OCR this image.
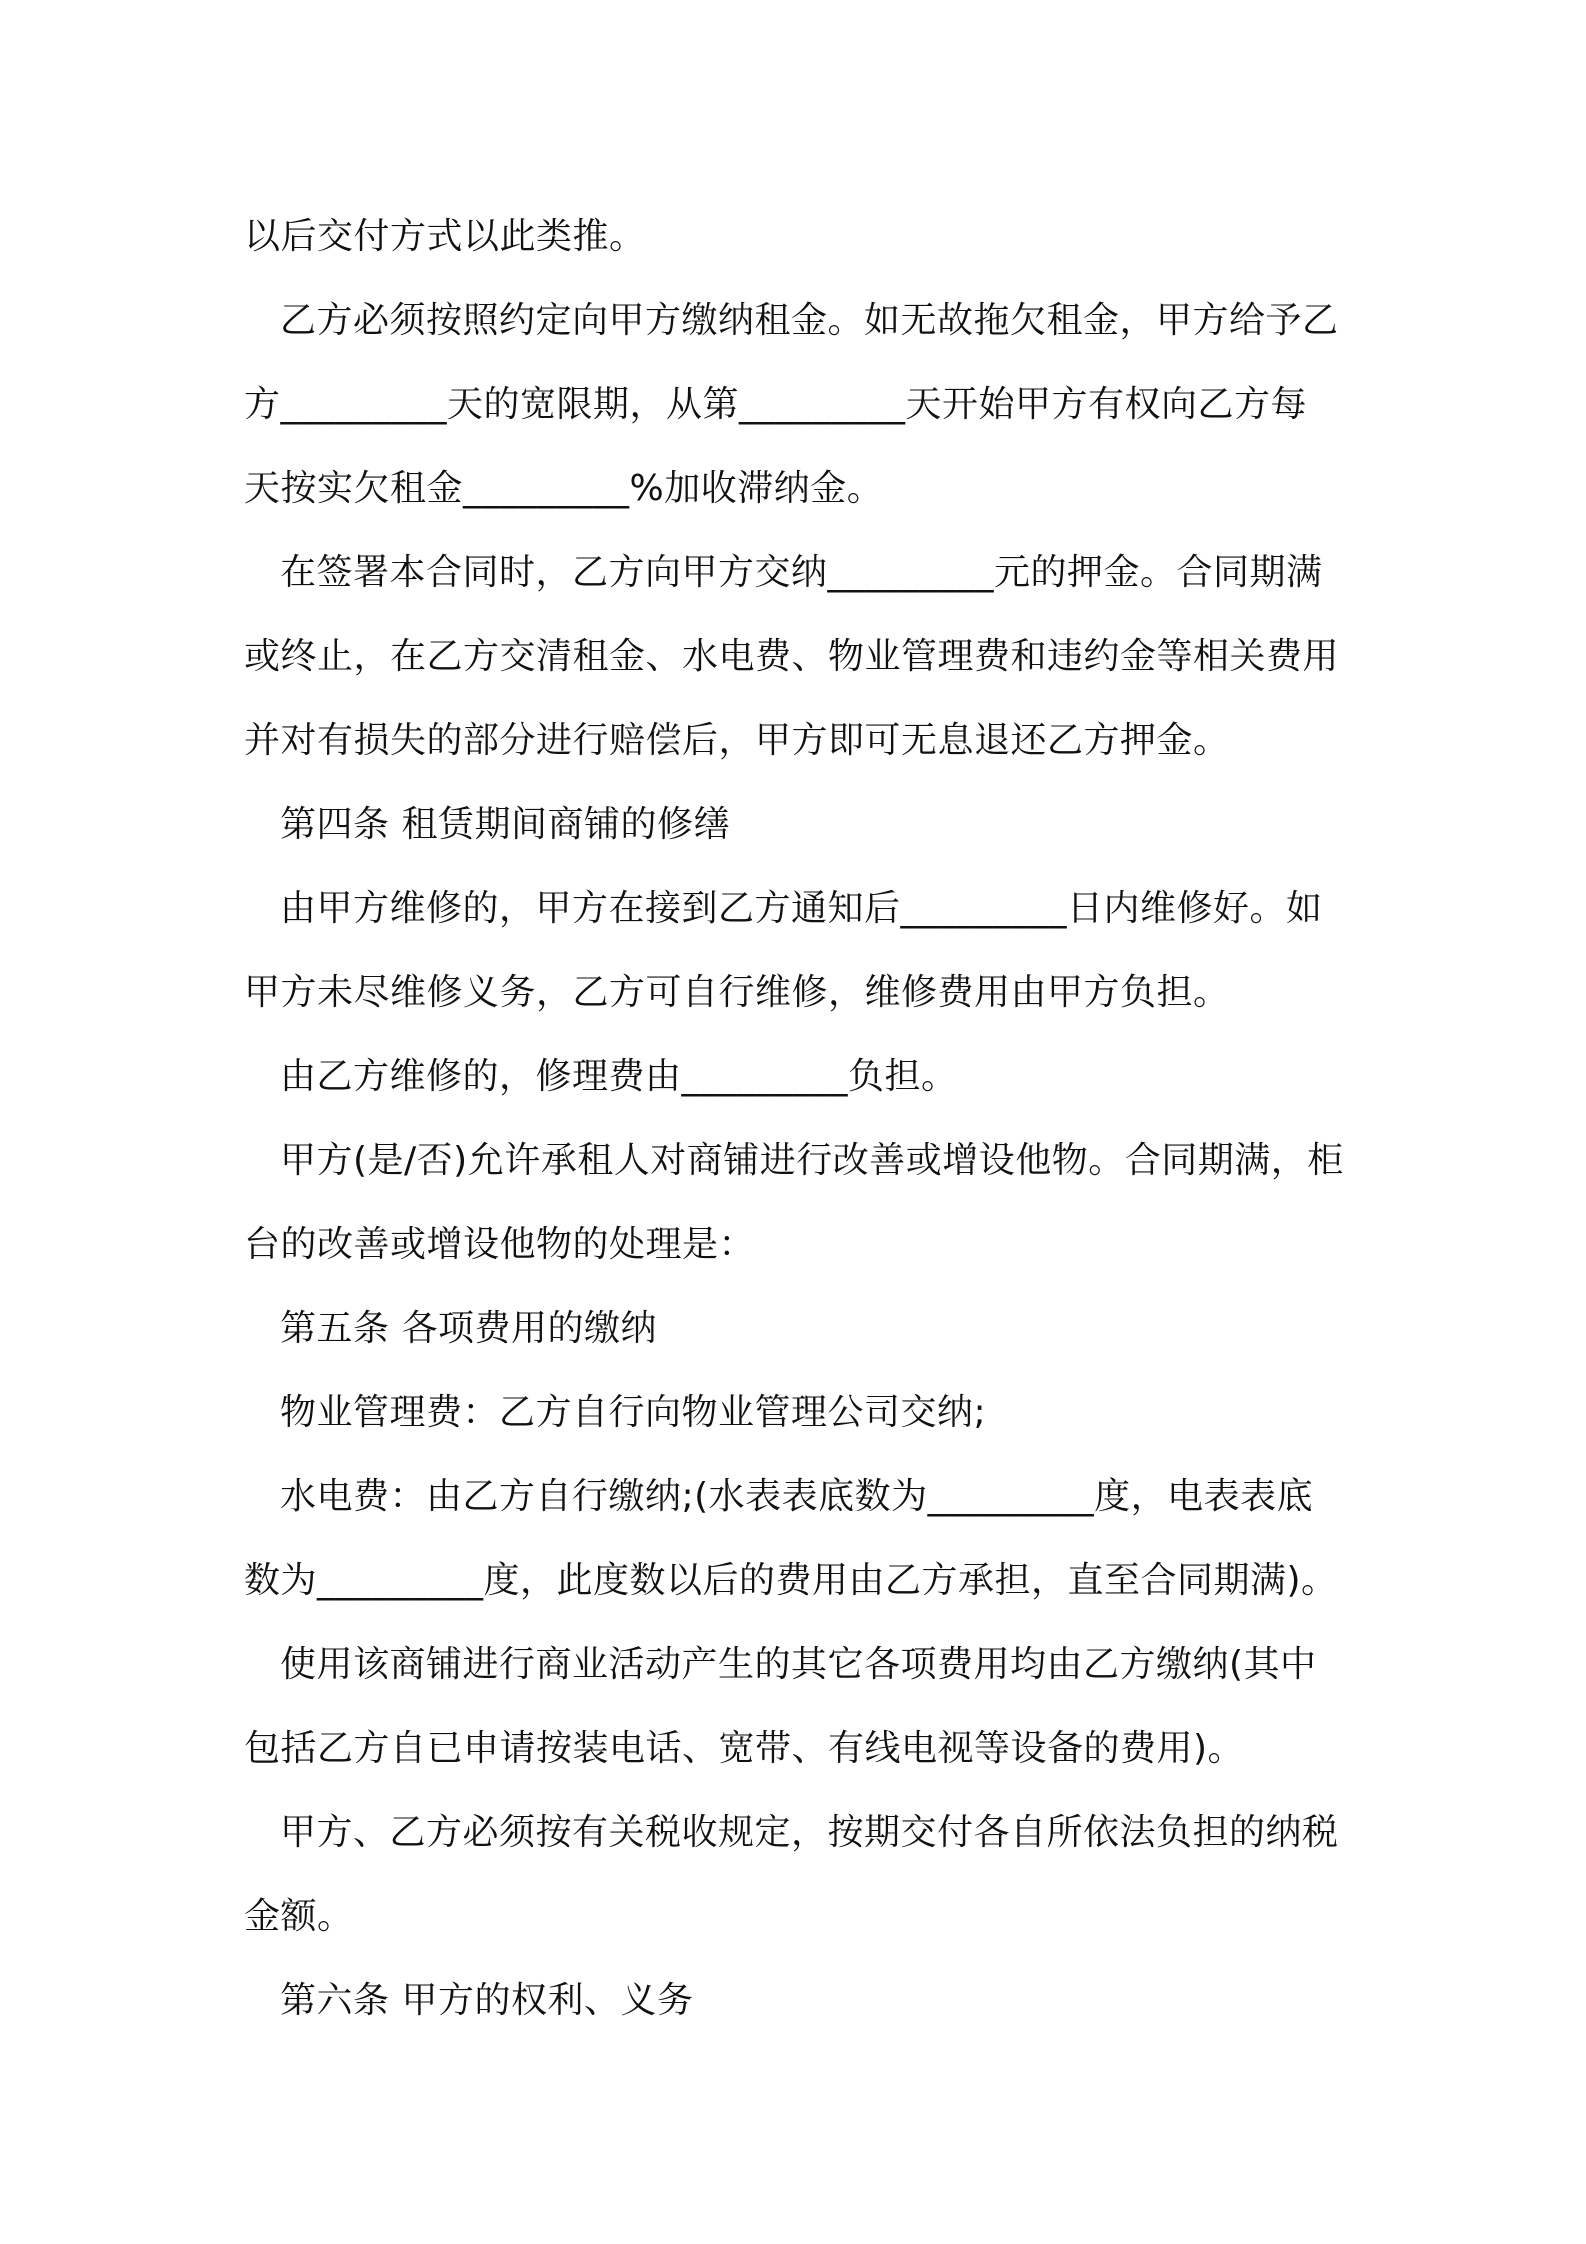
以后交付方式以此类推。

乙方必须按照约定向甲方缴纳租金。如无故拖欠租金，甲方给予乙

方_________天的宽限期，从第_________天开始甲方有权向乙方每

天按实欠租金_________%加收滞纳金。

在签署本合同时，乙方向甲方交纳_________元的押金。合同期满

或终止，在乙方交清租金、水电费、物业管理费和违约金等相关费用

并对有损失的部分进行赔偿后，甲方即可无息退还乙方押金。

第四条 租赁期间商铺的修缮

由甲方维修的，甲方在接到乙方通知后_________日内维修好。如

甲方未尽维修义务，乙方可自行维修，维修费用由甲方负担。

由乙方维修的，修理费由_________负担。

甲方(是/否)允许承租人对商铺进行改善或增设他物。合同期满，柜

台的改善或增设他物的处理是：

第五条 各项费用的缴纳

物业管理费：乙方自行向物业管理公司交纳;

水电费：由乙方自行缴纳;(水表表底数为_________度，电表表底

数为_________度，此度数以后的费用由乙方承担，直至合同期满)。

使用该商铺进行商业活动产生的其它各项费用均由乙方缴纳(其中

包括乙方自已申请按装电话、宽带、有线电视等设备的费用)。

甲方、乙方必须按有关税收规定，按期交付各自所依法负担的纳税

金额。

第六条 甲方的权利、义务
